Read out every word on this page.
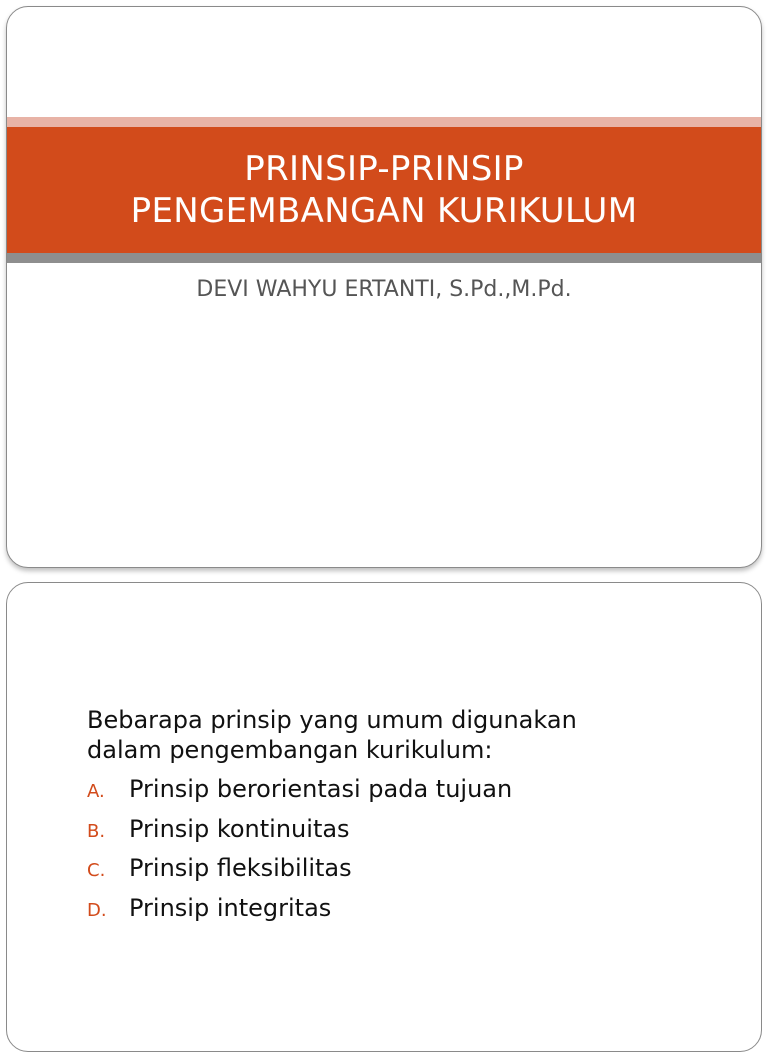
PRINSIP-PRINSIP
PENGEMBANGAN KURIKULUM
DEVI WAHYU ERTANTI, S.Pd.,M.Pd.
Bebarapa prinsip yang umum digunakan
dalam pengembangan kurikulum:
A.	Prinsip berorientasi pada tujuan
B. Prinsip kontinuitas
C. Prinsip fleksibilitas
D. Prinsip integritas
